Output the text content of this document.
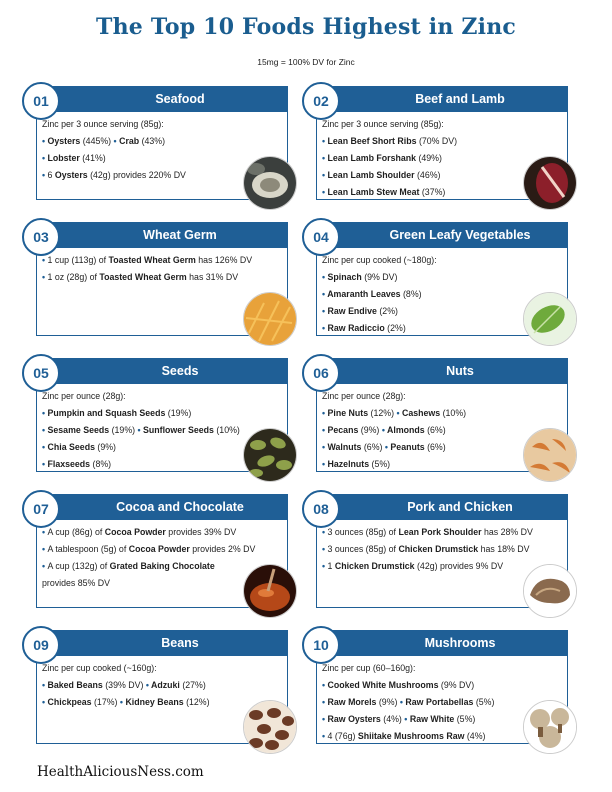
The Top 10 Foods Highest in Zinc
15mg = 100% DV for Zinc
Seafood
01
Zinc per 3 ounce serving (85g):
• Oysters (445%) • Crab (43%)
• Lobster (41%)
• 6 Oysters (42g) provides 220% DV
Beef and Lamb
02
Zinc per 3 ounce serving (85g):
• Lean Beef Short Ribs (70% DV)
• Lean Lamb Forshank (49%)
• Lean Lamb Shoulder (46%)
• Lean Lamb Stew Meat (37%)
Wheat Germ
03
• 1 cup (113g) of Toasted Wheat Germ has 126% DV
• 1 oz (28g) of Toasted Wheat Germ has 31% DV
Green Leafy Vegetables
04
Zinc per cup cooked (~180g):
• Spinach (9% DV)
• Amaranth Leaves (8%)
• Raw Endive (2%)
• Raw Radiccio (2%)
Seeds
05
Zinc per ounce (28g):
• Pumpkin and Squash Seeds (19%)
• Sesame Seeds (19%) • Sunflower Seeds (10%)
• Chia Seeds (9%)
• Flaxseeds (8%)
Nuts
06
Zinc per ounce (28g):
• Pine Nuts (12%) • Cashews (10%)
• Pecans (9%) • Almonds (6%)
• Walnuts (6%) • Peanuts (6%)
• Hazelnuts (5%)
Cocoa and Chocolate
07
• A cup (86g) of Cocoa Powder provides 39% DV
• A tablespoon (5g) of Cocoa Powder provides 2% DV
• A cup (132g) of Grated Baking Chocolate
provides 85% DV
Pork and Chicken
08
• 3 ounces (85g) of Lean Pork Shoulder has 28% DV
• 3 ounces (85g) of Chicken Drumstick has 18% DV
• 1 Chicken Drumstick (42g) provides 9% DV
Beans
09
Zinc per cup cooked (~160g):
• Baked Beans (39% DV) • Adzuki (27%)
• Chickpeas (17%) • Kidney Beans (12%)
Mushrooms
10
Zinc per cup (60–160g):
• Cooked White Mushrooms (9% DV)
• Raw Morels (9%) • Raw Portabellas (5%)
• Raw Oysters (4%) • Raw White (5%)
• 4 (76g) Shiitake Mushrooms Raw (4%)
HealthAliciousNess.com
